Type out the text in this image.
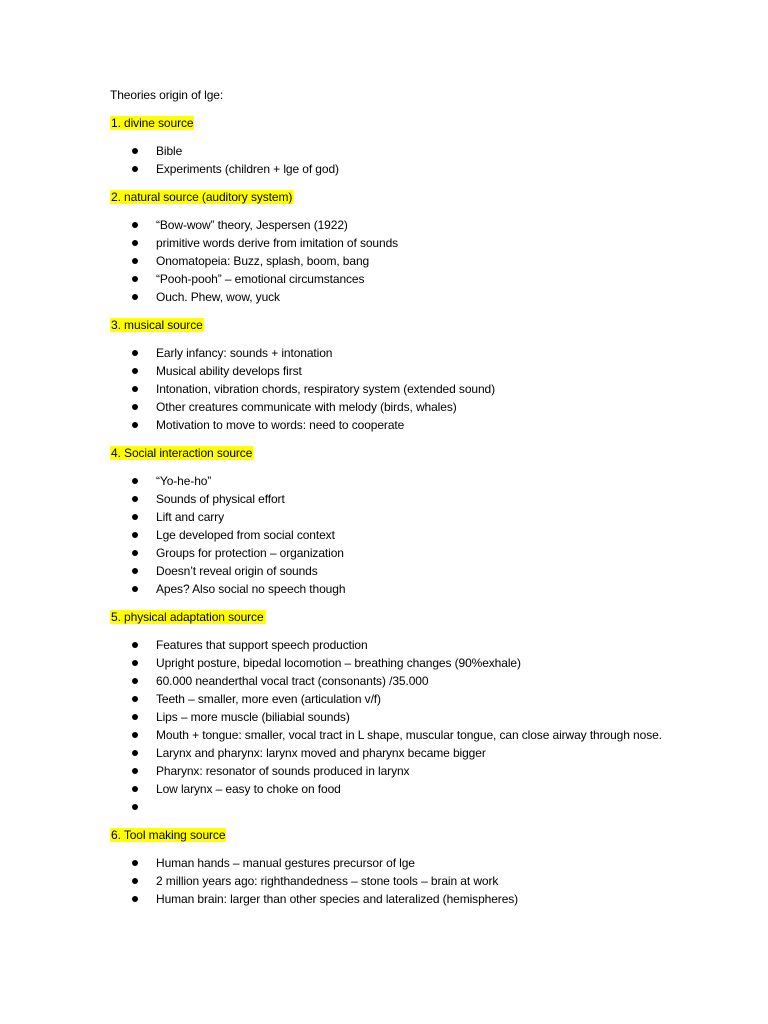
Theories origin of lge:

1. divine source

Bible
Experiments (children + lge of god)

2. natural source (auditory system)

“Bow-wow” theory, Jespersen (1922)
primitive words derive from imitation of sounds
Onomatopeia: Buzz, splash, boom, bang
“Pooh-pooh” – emotional circumstances
Ouch. Phew, wow, yuck

3. musical source

Early infancy: sounds + intonation
Musical ability develops first
Intonation, vibration chords, respiratory system (extended sound)
Other creatures communicate with melody (birds, whales)
Motivation to move to words: need to cooperate

4. Social interaction source

“Yo-he-ho”
Sounds of physical effort
Lift and carry
Lge developed from social context
Groups for protection – organization
Doesn’t reveal origin of sounds
Apes? Also social no speech though

5. physical adaptation source

Features that support speech production
Upright posture, bipedal locomotion – breathing changes (90%exhale)
60.000 neanderthal vocal tract (consonants) /35.000
Teeth – smaller, more even (articulation v/f)
Lips – more muscle (biliabial sounds)
Mouth + tongue: smaller, vocal tract in L shape, muscular tongue, can close airway through nose.
Larynx and pharynx: larynx moved and pharynx became bigger
Pharynx: resonator of sounds produced in larynx
Low larynx – easy to choke on food

6. Tool making source

Human hands – manual gestures precursor of lge
2 million years ago: righthandedness – stone tools – brain at work
Human brain: larger than other species and lateralized (hemispheres)
